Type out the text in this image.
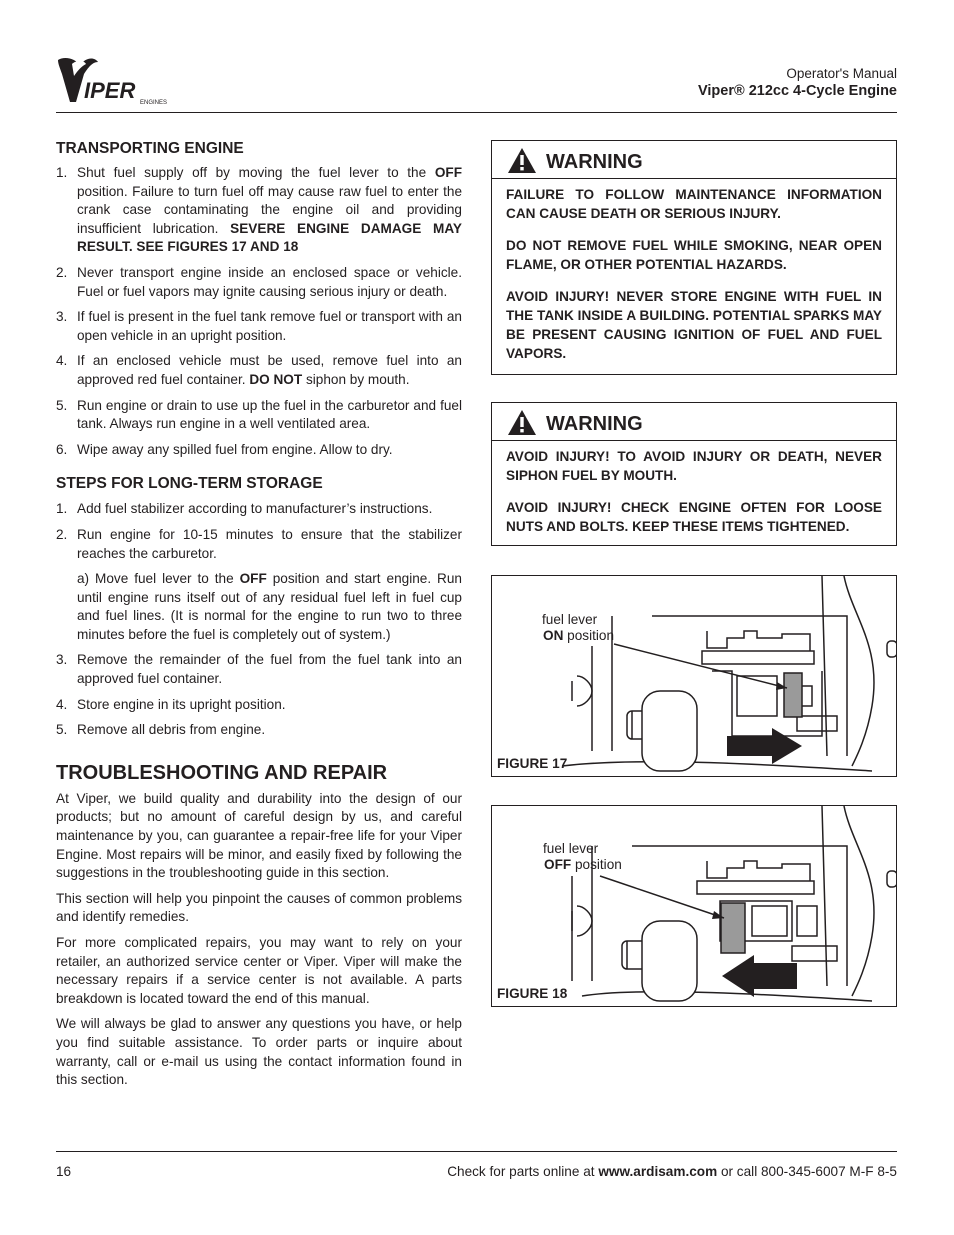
IPER ENGINES
Operator's Manual
Viper® 212cc 4-Cycle Engine
TRANSPORTING ENGINE

1. Shut fuel supply off by moving the fuel lever to the OFF position. Failure to turn fuel off may cause raw fuel to enter the crank case contaminating the engine oil and providing insufficient lubrication. SEVERE ENGINE DAMAGE MAY RESULT. SEE FIGURES 17 AND 18

2. Never transport engine inside an enclosed space or vehicle. Fuel or fuel vapors may ignite causing serious injury or death.

3. If fuel is present in the fuel tank remove fuel or transport with an open vehicle in an upright position.

4. If an enclosed vehicle must be used, remove fuel into an approved red fuel container. DO NOT siphon by mouth.

5. Run engine or drain to use up the fuel in the carburetor and fuel tank. Always run engine in a well ventilated area.

6. Wipe away any spilled fuel from engine. Allow to dry.

STEPS FOR LONG-TERM STORAGE

1. Add fuel stabilizer according to manufacturer’s instructions.

2. Run engine for 10-15 minutes to ensure that the stabilizer reaches the carburetor.

a) Move fuel lever to the OFF position and start engine. Run until engine runs itself out of any residual fuel left in fuel cup and fuel lines. (It is normal for the engine to run two to three minutes before the fuel is completely out of system.)

3. Remove the remainder of the fuel from the fuel tank into an approved fuel container.

4. Store engine in its upright position.

5. Remove all debris from engine.

TROUBLESHOOTING AND REPAIR

At Viper, we build quality and durability into the design of our products; but no amount of careful design by us, and careful maintenance by you, can guarantee a repair-free life for your Viper Engine. Most repairs will be minor, and easily fixed by following the suggestions in the troubleshooting guide in this section.

This section will help you pinpoint the causes of common problems and identify remedies.

For more complicated repairs, you may want to rely on your retailer, an authorized service center or Viper. Viper will make the necessary repairs if a service center is not available. A parts breakdown is located toward the end of this manual.

We will always be glad to answer any questions you have, or help you find suitable assistance. To order parts or inquire about warranty, call or e-mail us using the contact information found in this section.

WARNING

FAILURE TO FOLLOW MAINTENANCE INFORMATION CAN CAUSE DEATH OR SERIOUS INJURY.

DO NOT REMOVE FUEL WHILE SMOKING, NEAR OPEN FLAME, OR OTHER POTENTIAL HAZARDS.

AVOID INJURY! NEVER STORE ENGINE WITH FUEL IN THE TANK INSIDE A BUILDING. POTENTIAL SPARKS MAY BE PRESENT CAUSING IGNITION OF FUEL AND FUEL VAPORS.

WARNING

AVOID INJURY! TO AVOID INJURY OR DEATH, NEVER SIPHON FUEL BY MOUTH.

AVOID INJURY! CHECK ENGINE OFTEN FOR LOOSE NUTS AND BOLTS. KEEP THESE ITEMS TIGHTENED.

fuel lever
ON position
FIGURE 17
fuel lever
OFF position
FIGURE 18
16	Check for parts online at www.ardisam.com or call 800-345-6007 M-F 8-5
